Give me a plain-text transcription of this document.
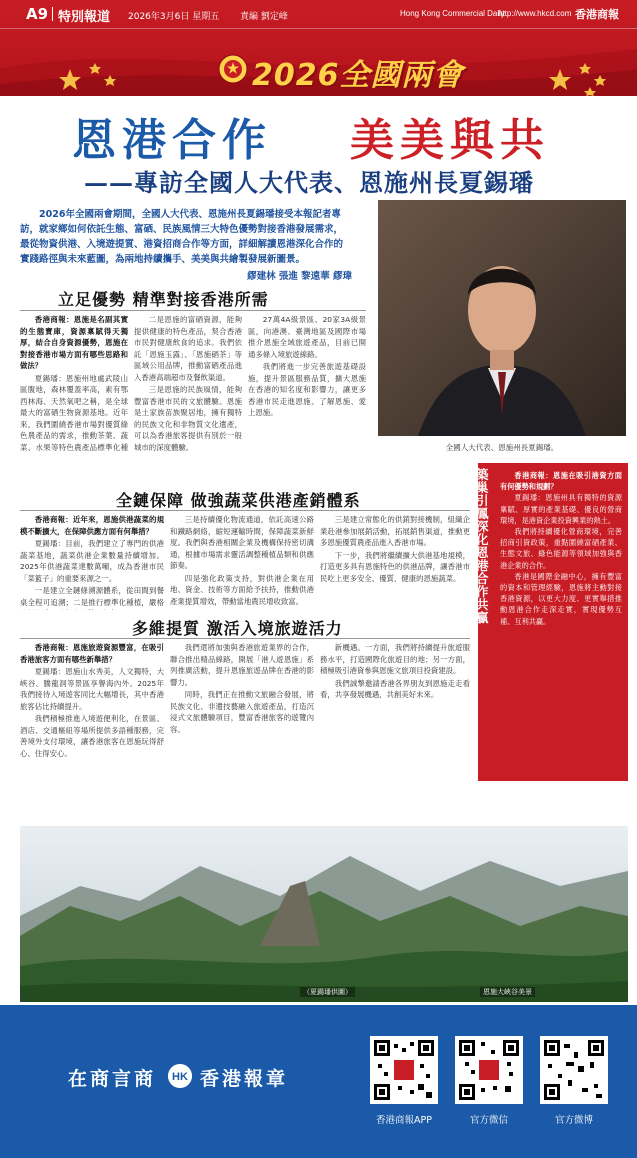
A9 特別報道 2026年3月6日 星期五 責編 劉定峰	Hong Kong Commercial Daily
http://www.hkcd.com 香港商報
2026全國兩會
恩港合作 美美與共
——專訪全國人大代表、恩施州長夏錫璠

2026年全國兩會期間，全國人大代表、恩施州長夏錫璠接受本報記者專訪，就家鄉如何依託生態、富硒、民族風情三大特色優勢對接香港發展需求，最從物資供港、入境遊提質、港資招商合作等方面，詳細解讀恩港深化合作的實踐路徑與未來藍圖，為兩地持續攜手、美美與共繪製發展新圖景。

繆建林 張進 黎遠華 繆瑋
全國人大代表、恩施州長夏錫璠。
立足優勢 精準對接香港所需

香港商報：恩施是名副其實的生態寶庫，資源稟賦得天獨厚，結合自身資源優勢，恩施在對接香港市場方面有哪些思路和做法？

夏錫璠：恩施州地處武陵山區腹地，森林覆蓋率高，素有鄂西林海、天然氧吧之稱，是全球最大的富硒生物資源基地。近年來，我們圍繞香港市場對優質綠色農產品的需求，推動茶葉、蔬菜、水果等特色農產品標準化種

二是恩施的富硒資源，能夠提供健康的特色產品，契合香港市民對健康飲食的追求。我們依託「恩施玉露」、「恩施硒茶」等區域公用品牌，推動富硒產品進入香港高端超市及餐飲渠道。

三是恩施的民族風情，能夠豐富香港市民的文旅體驗。恩施是土家族苗族聚居地，擁有獨特的民族文化和非物質文化遺產，可以為香港旅客提供有別於一般城市的深度體驗。

27萬4A級景區、20家3A級景區，向港澳、臺灣地區及國際市場推介恩施全域旅遊產品，目前已開通多條入境旅遊線路。

我們將進一步完善旅遊基礎設施，提升景區服務品質，擴大恩施在香港的知名度和影響力，讓更多香港市民走進恩施、了解恩施、愛上恩施。

全鏈保障 做強蔬菜供港產銷體系

香港商報：近年來，恩施供港蔬菜的規模不斷擴大，在保障供應方面有何舉措？

夏錫璠：目前，我們建立了專門的供港蔬菜基地，蔬菜供港企業數量持續增加。2025年供港蔬菜達數萬噸，成為香港市民「菜籃子」的重要來源之一。

一是建立全鏈條溯源體系，從田間到餐桌全程可追溯；二是推行標準化種植，嚴格

三是持續優化物流通道，依託高速公路和鐵路網絡，縮短運輸時間，保障蔬菜新鮮度。我們與香港相關企業及機構保持密切溝通，根據市場需求靈活調整種植品類和供應節奏。

四是強化政策支持，對供港企業在用地、資金、技術等方面給予扶持，推動供港產業提質增效，帶動當地農民增收致富。

三是建立常態化的供銷對接機制，組織企業赴港參加展銷活動，拓展銷售渠道，推動更多恩施優質農產品進入香港市場。

下一步，我們將繼續擴大供港基地規模，打造更多具有恩施特色的供港品牌，讓香港市民吃上更多安全、優質、健康的恩施蔬菜。

多維提質 激活入境旅遊活力

香港商報：恩施旅遊資源豐富，在吸引香港旅客方面有哪些新舉措？

夏錫璠：恩施山水秀美，人文獨特，大峽谷、騰龍洞等景區享譽海內外。2025年我們接待入境遊客同比大幅增長，其中香港旅客佔比持續提升。

我們積極推進入境遊便利化，在景區、酒店、交通樞紐等場所提供多語種服務，完善境外支付環境，讓香港旅客在恩施玩得舒心、住得安心。

我們還將加強與香港旅遊業界的合作，聯合推出精品線路，開展「港人遊恩施」系列推廣活動，提升恩施旅遊品牌在香港的影響力。

同時，我們正在推動文旅融合發展，將民族文化、非遺技藝融入旅遊產品，打造沉浸式文旅體驗項目，豐富香港旅客的遊覽內容。

新機遇。一方面，我們將持續提升旅遊服務水平，打造國際化旅遊目的地；另一方面，積極吸引港資參與恩施文旅項目投資建設。

我們誠摯邀請香港各界朋友到恩施走走看看，共享發展機遇，共創美好未來。

築巢引鳳 深化恩港合作共贏

香港商報：恩施在吸引港資方面有何優勢和規劃？

夏錫璠：恩施州具有獨特的資源稟賦、厚實的產業基礎、優良的營商環境，是港資企業投資興業的熱土。

我們將持續優化營商環境，完善招商引資政策，重點圍繞富硒產業、生態文旅、綠色能源等領域加強與香港企業的合作。

香港是國際金融中心，擁有豐富的資本和管理經驗，恩施將主動對接香港資源，以更大力度、更實舉措推動恩港合作走深走實，實現優勢互補、互利共贏。

（夏錫璠供圖）	恩施大峽谷美景
在商言商 HK 香港報章
香港商報APP	官方微信	官方微博
